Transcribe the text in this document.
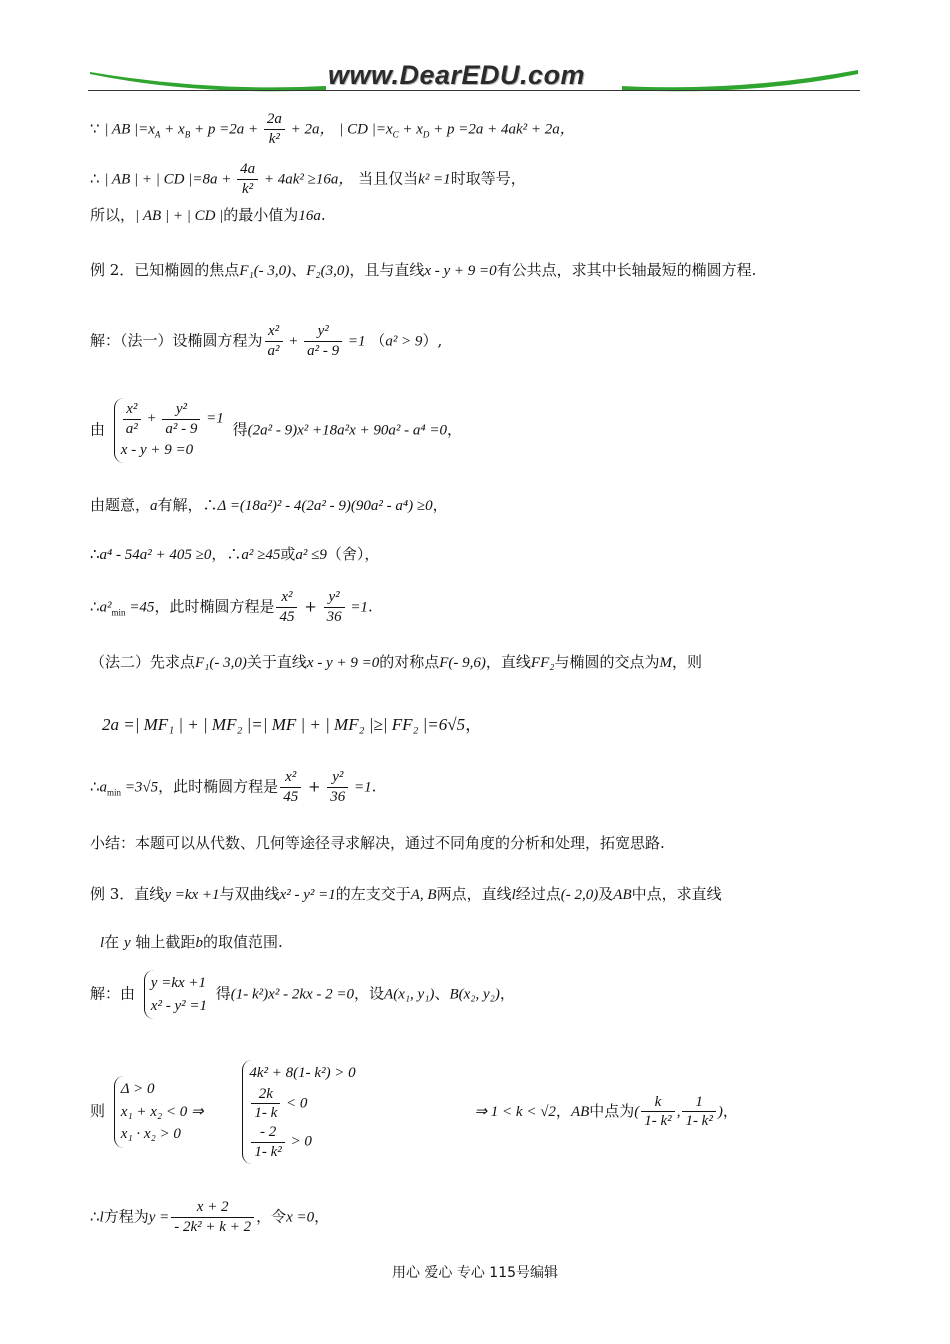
www.DearEDU.com
∵ | AB $|=x_A + x_B + p =2a + \frac{2a}{\text{k²}} + 2a$， | CD $|=x_C + x_D + p =2a + 4ak^2 + 2a$，
∴ | AB | + | CD $|=8a + \frac{4a}{\text{k²}} + 4ak^2 \ge 16a$， 当且仅当k² =1时取等号，
所以，| AB | + | CD |的最小值为16a.
例 2．已知椭圆的焦点F₁(- 3,0)、F₂(3,0)，且与直线x - y + 9 =0有公共点，求其中长轴最短的椭圆方程.
解：（法一）设椭圆方程为 $\frac{\text{x²}}{\text{a²}} + \frac{\text{y²}}{\text{a² - 9}} =1$ （a² > 9）,
由 $\frac{\text{x²}}{\text{a²}} + \frac{\text{y²}}{\text{a² - 9}} =1$
x - y + 9 =0
得(2a² - 9)x² +18a²x + 90a² - a⁴ =0，
由题意，a有解，∴Δ =(18a²)² - 4(2a² - 9)(90a² - a⁴) ≥0，
∴a⁴ - 54a² + 405 ≥0，∴a² ≥45或a² ≤9（舍），
$\therefore a^2_{min} =45$，此时椭圆方程是 $\frac{\text{x²}}{45} + \frac{\text{y²}}{36} =1$.
（法二）先求点F₁(- 3,0)关于直线x - y + 9 =0的对称点F(- 9,6)，直线FF₂与椭圆的交点为M，则
2a =| MF₁ | + | MF₂ |=| MF | + | MF₂ |≥| FF₂ |=6√5，
$\therefore a_{min} =3√5$，此时椭圆方程是 $\frac{\text{x²}}{45} + \frac{\text{y²}}{36} =1$.
小结：本题可以从代数、几何等途径寻求解决，通过不同角度的分析和处理，拓宽思路.
例 3．直线y =kx +1与双曲线x² - y² =1的左支交于A, B两点，直线l经过点(- 2,0)及AB中点，求直线
l在 y 轴上截距b的取值范围.
解：由
y =kx +1
x² - y² =1
得(1- k²)x² - 2kx - 2 =0，设A(x₁, y₁)、B(x₂, y₂)，
则
Δ > 0
x₁ + x₂ < 0 ⇒
x₁ · x₂ > 0

4k² + 8(1- k²) > 0
$\frac{2k}{1- k} < 0$
$\frac{- 2}{\text{1- k²}} > 0$
⇒ 1 < k < √2，AB中点为( $\frac{k}{\text{1- k²}}$ , $\frac{1}{\text{1- k²}}$ )，
∴l方程为$y = \frac{x + 2}{\text{- 2k² + k + 2}}$ ，令x =0，
用心 爱心 专心 115号编辑
